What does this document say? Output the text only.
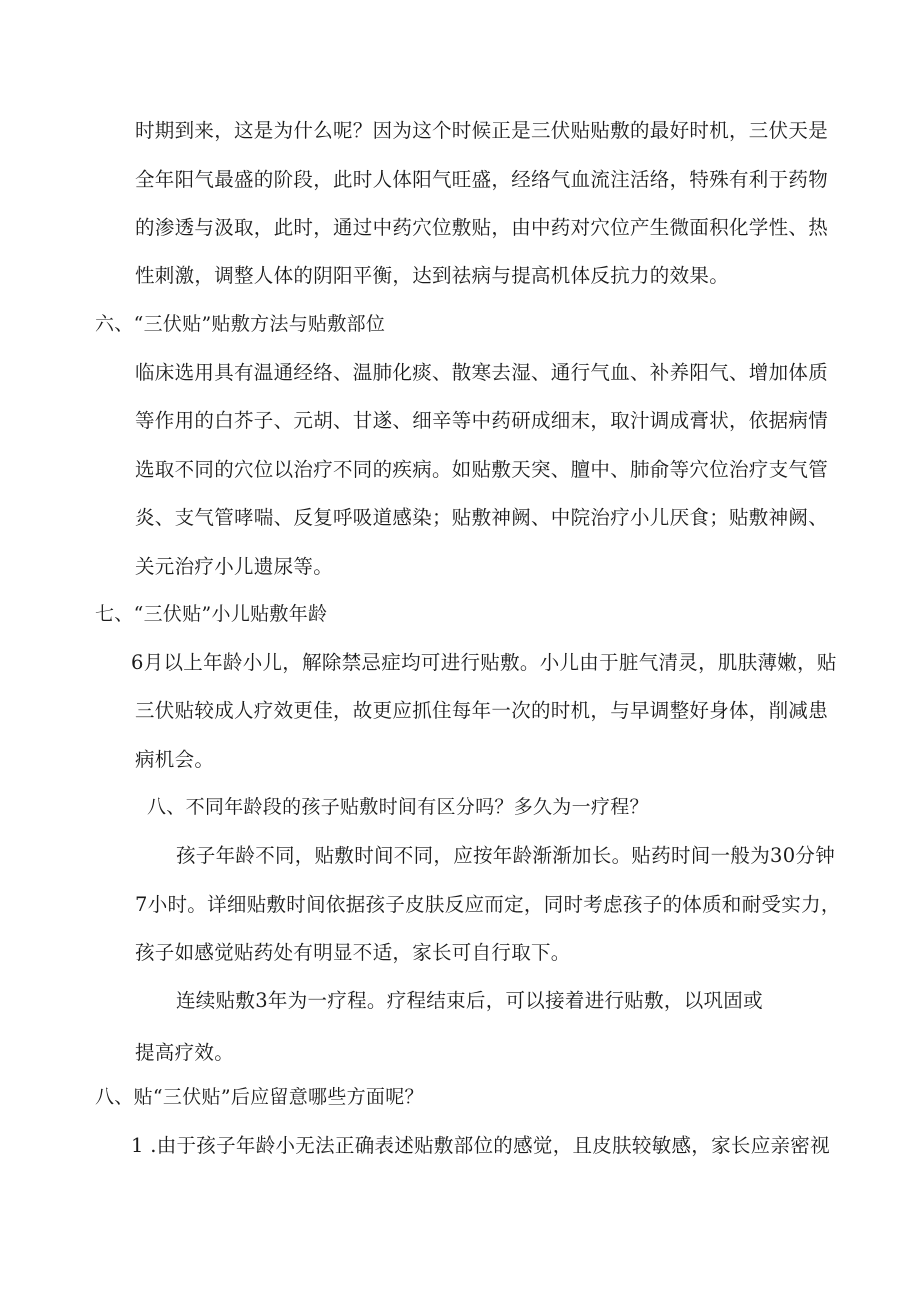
时期到来，这是为什么呢？因为这个时候正是三伏贴贴敷的最好时机，三伏天是
全年阳气最盛的阶段，此时人体阳气旺盛，经络气血流注活络，特殊有利于药物
的渗透与汲取，此时，通过中药穴位敷贴，由中药对穴位产生微面积化学性、热
性刺激，调整人体的阴阳平衡，达到祛病与提高机体反抗力的效果。
六、“三伏贴”贴敷方法与贴敷部位
临床选用具有温通经络、温肺化痰、散寒去湿、通行气血、补养阳气、增加体质
等作用的白芥子、元胡、甘遂、细辛等中药研成细末，取汁调成膏状，依据病情
选取不同的穴位以治疗不同的疾病。如贴敷天突、膻中、肺俞等穴位治疗支气管
炎、支气管哮喘、反复呼吸道感染；贴敷神阙、中院治疗小儿厌食；贴敷神阙、
关元治疗小儿遗尿等。
七、“三伏贴”小儿贴敷年龄
6月以上年龄小儿，解除禁忌症均可进行贴敷。小儿由于脏气清灵，肌肤薄嫩，贴
三伏贴较成人疗效更佳，故更应抓住每年一次的时机，与早调整好身体，削减患
病机会。
八、不同年龄段的孩子贴敷时间有区分吗？多久为一疗程？
孩子年龄不同，贴敷时间不同，应按年龄渐渐加长。贴药时间一般为30分钟
7小时。详细贴敷时间依据孩子皮肤反应而定，同时考虑孩子的体质和耐受实力，
孩子如感觉贴药处有明显不适，家长可自行取下。
连续贴敷3年为一疗程。疗程结束后，可以接着进行贴敷，以巩固或
提高疗效。
八、贴“三伏贴”后应留意哪些方面呢？
1 .由于孩子年龄小无法正确表述贴敷部位的感觉，且皮肤较敏感，家长应亲密视
